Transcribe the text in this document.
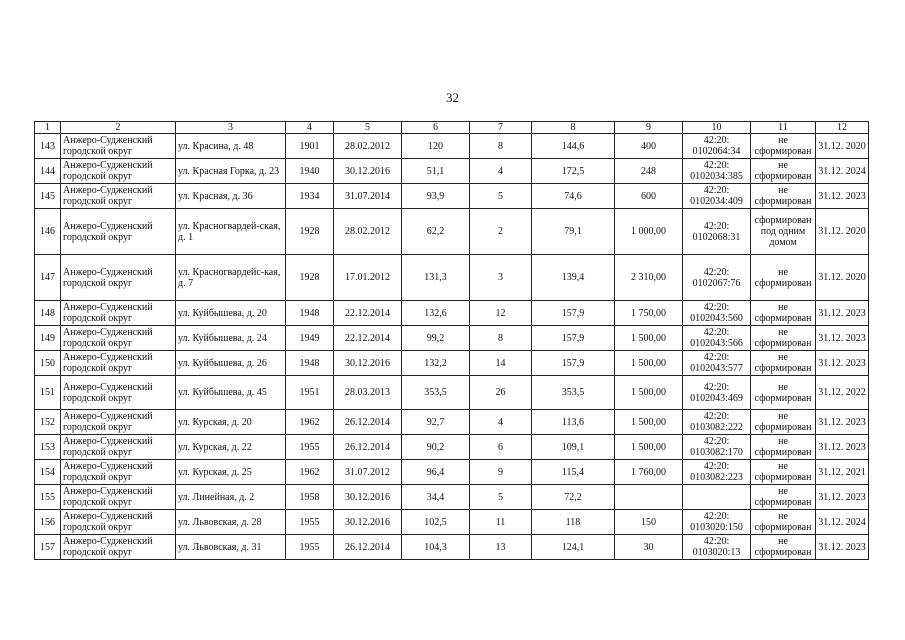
32
1	2	3	4	5	6	7	8	9	10	11	12
143	Анжеро-Судженский городской округ	ул. Красина, д. 48	1901	28.02.2012	120	8	144,6	400	42:20: 0102064:34	не сформирован	31.12. 2020
144	Анжеро-Судженский городской округ	ул. Красная Горка, д. 23	1940	30.12.2016	51,1	4	172,5	248	42:20: 0102034:385	не сформирован	31.12. 2024
145	Анжеро-Судженский городской округ	ул. Красная, д. 36	1934	31.07.2014	93,9	5	74,6	600	42:20: 0102034:409	не сформирован	31.12. 2023
146	Анжеро-Судженский городской округ	ул. Красногвардей-ская, д. 1	1928	28.02.2012	62,2	2	79,1	1 000,00	42:20: 0102068:31	сформирован под одним домом	31.12. 2020
147	Анжеро-Судженский городской округ	ул. Красногвардейс-кая, д. 7	1928	17.01.2012	131,3	3	139,4	2 310,00	42:20: 0102067:76	не сформирован	31.12. 2020
148	Анжеро-Судженский городской округ	ул. Куйбышева, д. 20	1948	22.12.2014	132,6	12	157,9	1 750,00	42:20: 0102043:560	не сформирован	31.12. 2023
149	Анжеро-Судженский городской округ	ул. Куйбышева, д. 24	1949	22.12.2014	99,2	8	157,9	1 500,00	42:20: 0102043:566	не сформирован	31.12. 2023
150	Анжеро-Судженский городской округ	ул. Куйбышева, д. 26	1948	30.12.2016	132,2	14	157,9	1 500,00	42:20: 0102043:577	не сформирован	31.12. 2023
151	Анжеро-Судженский городской округ	ул. Куйбышева, д. 45	1951	28.03.2013	353,5	26	353,5	1 500,00	42:20: 0102043:469	не сформирован	31.12. 2022
152	Анжеро-Судженский городской округ	ул. Курская, д. 20	1962	26.12.2014	92,7	4	113,6	1 500,00	42:20: 0103082:222	не сформирован	31.12. 2023
153	Анжеро-Судженский городской округ	ул. Курская, д. 22	1955	26.12.2014	90,2	6	109,1	1 500,00	42:20: 0103082:170	не сформирован	31.12. 2023
154	Анжеро-Судженский городской округ	ул. Курская, д. 25	1962	31.07.2012	96,4	9	115,4	1 760,00	42:20: 0103082:223	не сформирован	31.12. 2021
155	Анжеро-Судженский городской округ	ул. Линейная, д. 2	1958	30.12.2016	34,4	5	72,2			не сформирован	31.12. 2023
156	Анжеро-Судженский городской округ	ул. Львовская, д. 28	1955	30.12.2016	102,5	11	118	150	42:20: 0103020:150	не сформирован	31.12. 2024
157	Анжеро-Судженский городской округ	ул. Львовская, д. 31	1955	26.12.2014	104,3	13	124,1	30	42:20: 0103020:13	не сформирован	31.12. 2023
